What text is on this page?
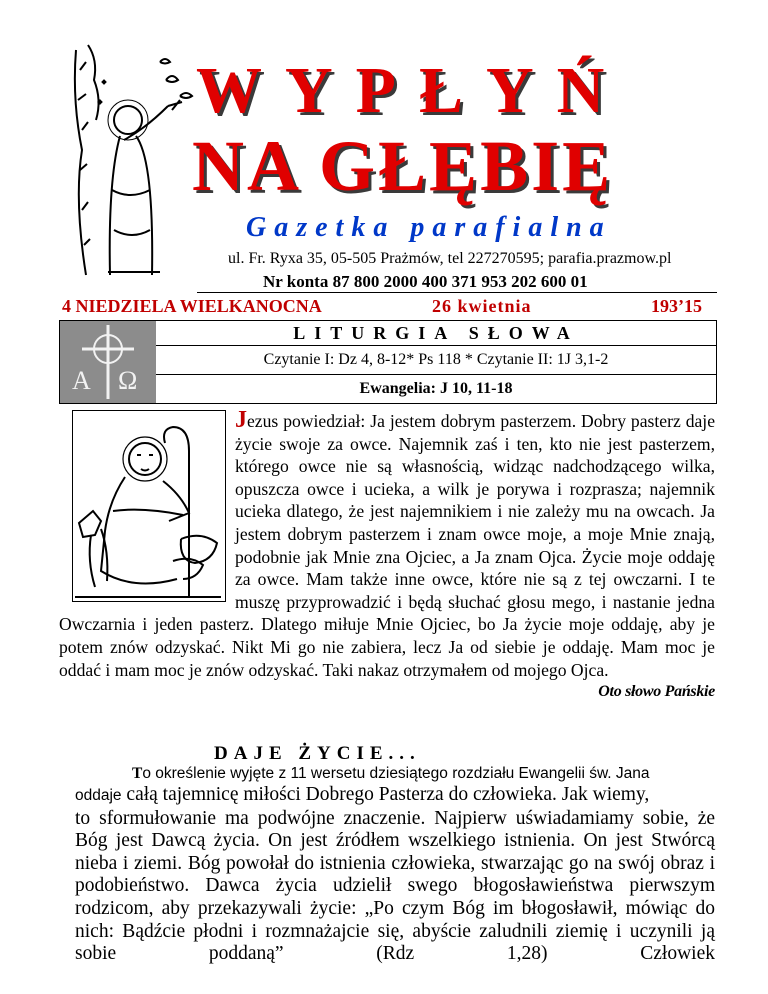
WYPŁYŃ
NA GŁĘBIĘ
Gazetka parafialna
ul. Fr. Ryxa 35, 05-505 Prażmów, tel 227270595; parafia.prazmow.pl
Nr konta 87 800 2000 400 371 953 202 600 01
4 NIEDZIELA WIELKANOCNA	26 kwietnia	193’15
A Ω
LITURGIA SŁOWA
Czytanie I: Dz 4, 8-12* Ps 118 * Czytanie II: 1J 3,1-2
Ewangelia: J 10, 11-18
Jezus powiedział: Ja jestem dobrym pasterzem. Dobry pasterz daje życie swoje za owce. Najemnik zaś i ten, kto nie jest pasterzem, którego owce nie są własnością, widząc nadchodzącego wilka, opuszcza owce i ucieka, a wilk je porywa i rozprasza; najemnik ucieka dlatego, że jest najemnikiem i nie zależy mu na owcach. Ja jestem dobrym pasterzem i znam owce moje, a moje Mnie znają, podobnie jak Mnie zna Ojciec, a Ja znam Ojca. Życie moje oddaję za owce. Mam także inne owce, które nie są z tej owczarni. I te muszę przyprowadzić i będą słuchać głosu mego, i nastanie jedna Owczarnia i jeden pasterz. Dlatego miłuje Mnie Ojciec, bo Ja życie moje oddaję, aby je potem znów odzyskać. Nikt Mi go nie zabiera, lecz Ja od siebie je oddaję. Mam moc je oddać i mam moc je znów odzyskać. Taki nakaz otrzymałem od mojego Ojca.
Oto słowo Pańskie
DAJE ŻYCIE...
To określenie wyjęte z 11 wersetu dziesiątego rozdziału Ewangelii św. Jana
oddaje całą tajemnicę miłości Dobrego Pasterza do człowieka. Jak wiemy,

to sformułowanie ma podwójne znaczenie. Najpierw uświadamiamy sobie, że Bóg jest Dawcą życia. On jest źródłem wszelkiego istnienia. On jest Stwórcą nieba i ziemi. Bóg powołał do istnienia człowieka, stwarzając go na swój obraz i podobieństwo. Dawca życia udzielił swego błogosławieństwa pierwszym rodzicom, aby przekazywali życie: „Po czym Bóg im błogosławił, mówiąc do nich: Bądźcie płodni i rozmnażajcie się, abyście zaludnili ziemię i uczynili ją sobie poddaną” (Rdz 1,28) Człowiek
